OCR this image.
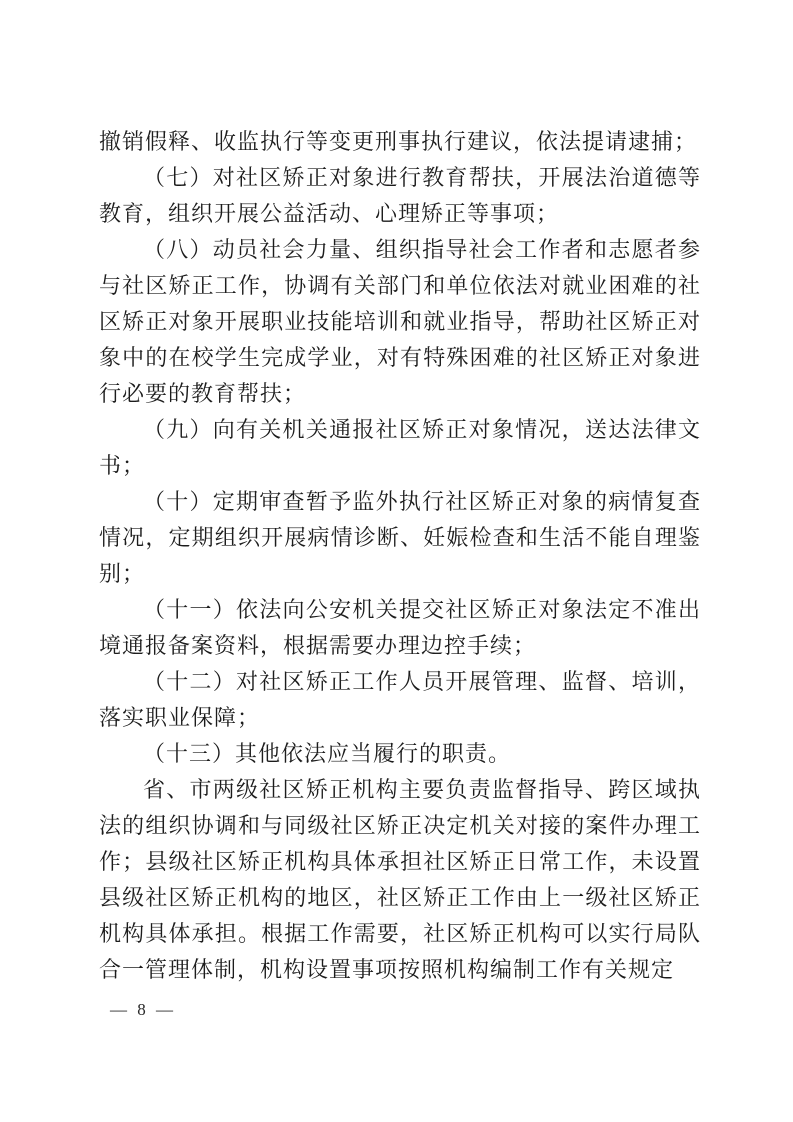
撤销假释、收监执行等变更刑事执行建议，依法提请逮捕；

（七）对社区矫正对象进行教育帮扶，开展法治道德等教育，组织开展公益活动、心理矫正等事项；

（八）动员社会力量、组织指导社会工作者和志愿者参与社区矫正工作，协调有关部门和单位依法对就业困难的社区矫正对象开展职业技能培训和就业指导，帮助社区矫正对象中的在校学生完成学业，对有特殊困难的社区矫正对象进行必要的教育帮扶；

（九）向有关机关通报社区矫正对象情况，送达法律文书；

（十）定期审查暂予监外执行社区矫正对象的病情复查情况，定期组织开展病情诊断、妊娠检查和生活不能自理鉴别；

（十一）依法向公安机关提交社区矫正对象法定不准出境通报备案资料，根据需要办理边控手续；

（十二）对社区矫正工作人员开展管理、监督、培训，落实职业保障；

（十三）其他依法应当履行的职责。

省、市两级社区矫正机构主要负责监督指导、跨区域执法的组织协调和与同级社区矫正决定机关对接的案件办理工作；县级社区矫正机构具体承担社区矫正日常工作，未设置县级社区矫正机构的地区，社区矫正工作由上一级社区矫正机构具体承担。根据工作需要，社区矫正机构可以实行局队合一管理体制，机构设置事项按照机构编制工作有关规定

— 8 —
